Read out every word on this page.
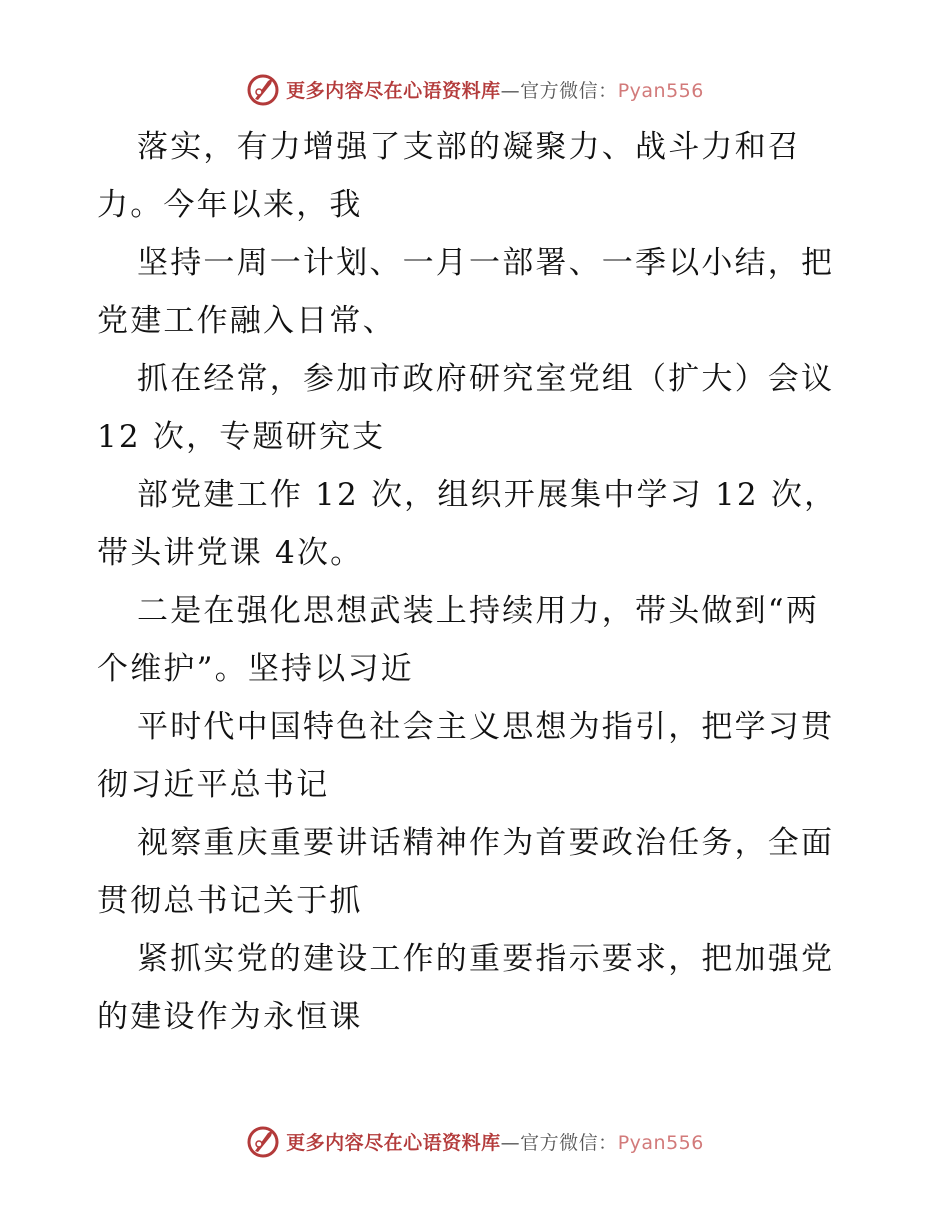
更多内容尽在心语资料库—官方微信：Pyan556

落实，有力增强了支部的凝聚力、战斗力和召
力。今年以来，我

坚持一周一计划、一月一部署、一季以小结，把
党建工作融入日常、

抓在经常，参加市政府研究室党组（扩大）会议
12 次，专题研究支

部党建工作 12 次，组织开展集中学习 12 次，
带头讲党课 4次。

二是在强化思想武装上持续用力，带头做到“两
个维护”。坚持以习近

平时代中国特色社会主义思想为指引，把学习贯
彻习近平总书记

视察重庆重要讲话精神作为首要政治任务，全面
贯彻总书记关于抓

紧抓实党的建设工作的重要指示要求，把加强党
的建设作为永恒课

更多内容尽在心语资料库—官方微信：Pyan556
